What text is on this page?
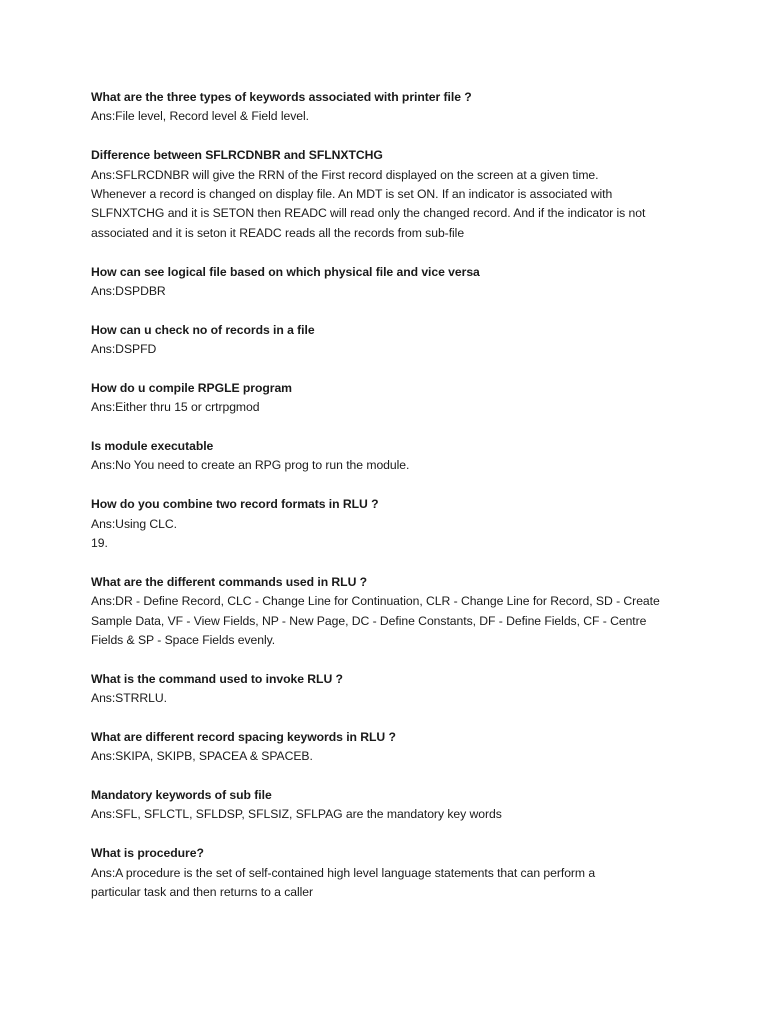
What are the three types of keywords associated with printer file ?
Ans:File level, Record level & Field level.
Difference between SFLRCDNBR and SFLNXTCHG
Ans:SFLRCDNBR will give the RRN of the First record displayed on the screen at a given time.
Whenever a record is changed on display file. An MDT is set ON. If an indicator is associated with
SLFNXTCHG and it is SETON then READC will read only the changed record. And if the indicator is not
associated and it is seton it READC reads all the records from sub-file
How can see logical file based on which physical file and vice versa
Ans:DSPDBR
How can u check no of records in a file
Ans:DSPFD
How do u compile RPGLE program
Ans:Either thru 15 or crtrpgmod
Is module executable
Ans:No You need to create an RPG prog to run the module.
How do you combine two record formats in RLU ?
Ans:Using CLC.
19.
What are the different commands used in RLU ?
Ans:DR - Define Record, CLC - Change Line for Continuation, CLR - Change Line for Record, SD - Create
Sample Data, VF - View Fields, NP - New Page, DC - Define Constants, DF - Define Fields, CF - Centre
Fields & SP - Space Fields evenly.
What is the command used to invoke RLU ?
Ans:STRRLU.
What are different record spacing keywords in RLU ?
Ans:SKIPA, SKIPB, SPACEA & SPACEB.
Mandatory keywords of sub file
Ans:SFL, SFLCTL, SFLDSP, SFLSIZ, SFLPAG are the mandatory key words
What is procedure?
Ans:A procedure is the set of self-contained high level language statements that can perform a
particular task and then returns to a caller
